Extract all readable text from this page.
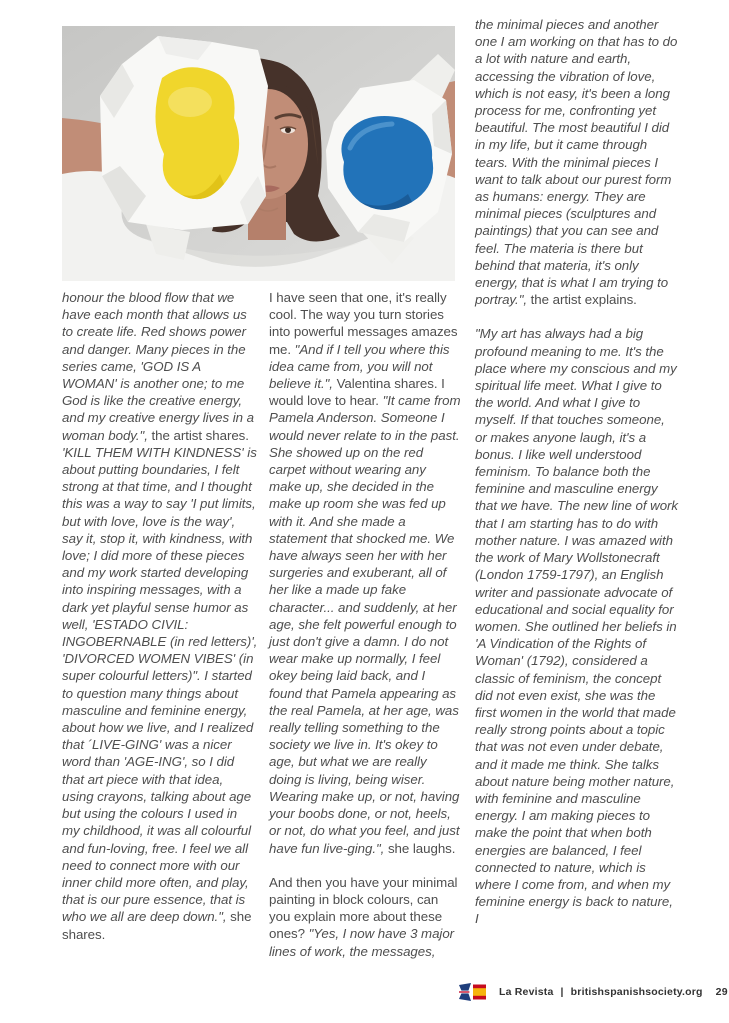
honour the blood flow that we have each month that allows us to create life. Red shows power and danger. Many pieces in the series came, 'GOD IS A WOMAN' is another one; to me God is like the creative energy, and my creative energy lives in a woman body.", the artist shares. 'KILL THEM WITH KINDNESS' is about putting boundaries, I felt strong at that time, and I thought this was a way to say 'I put limits, but with love, love is the way', say it, stop it, with kindness, with love; I did more of these pieces and my work started developing into inspiring messages, with a dark yet playful sense humor as well, 'ESTADO CIVIL: INGOBERNABLE (in red letters)', 'DIVORCED WOMEN VIBES' (in super colourful letters)". I started to question many things about masculine and feminine energy, about how we live, and I realized that ´LIVE-GING' was a nicer word than 'AGE-ING', so I did that art piece with that idea, using crayons, talking about age but using the colours I used in my childhood, it was all colourful and fun-loving, free. I feel we all need to connect more with our inner child more often, and play, that is our pure essence, that is who we all are deep down.", she shares.

I have seen that one, it's really cool. The way you turn stories into powerful messages amazes me. "And if I tell you where this idea came from, you will not believe it.", Valentina shares. I would love to hear. "It came from Pamela Anderson. Someone I would never relate to in the past. She showed up on the red carpet without wearing any make up, she decided in the make up room she was fed up with it. And she made a statement that shocked me. We have always seen her with her surgeries and exuberant, all of her like a made up fake character... and suddenly, at her age, she felt powerful enough to just don't give a damn. I do not wear make up normally, I feel okey being laid back, and I found that Pamela appearing as the real Pamela, at her age, was really telling something to the society we live in. It's okey to age, but what we are really doing is living, being wiser. Wearing make up, or not, having your boobs done, or not, heels, or not, do what you feel, and just have fun live-ging.", she laughs.

And then you have your minimal painting in block colours, can you explain more about these ones? "Yes, I now have 3 major lines of work, the messages,

the minimal pieces and another one I am working on that has to do a lot with nature and earth, accessing the vibration of love, which is not easy, it's been a long process for me, confronting yet beautiful. The most beautiful I did in my life, but it came through tears. With the minimal pieces I want to talk about our purest form as humans: energy. They are minimal pieces (sculptures and paintings) that you can see and feel. The materia is there but behind that materia, it's only energy, that is what I am trying to portray.", the artist explains.

"My art has always had a big profound meaning to me. It's the place where my conscious and my spiritual life meet. What I give to the world. And what I give to myself. If that touches someone, or makes anyone laugh, it's a bonus. I like well understood feminism. To balance both the feminine and masculine energy that we have. The new line of work that I am starting has to do with mother nature. I was amazed with the work of Mary Wollstonecraft (London 1759-1797), an English writer and passionate advocate of educational and social equality for women. She outlined her beliefs in 'A Vindication of the Rights of Woman' (1792), considered a classic of feminism, the concept did not even exist, she was the first women in the world that made really strong points about a topic that was not even under debate, and it made me think. She talks about nature being mother nature, with feminine and masculine energy. I am making pieces to make the point that when both energies are balanced, I feel connected to nature, which is where I come from, and when my feminine energy is back to nature, I

La Revista | britishspanishsociety.org 29
